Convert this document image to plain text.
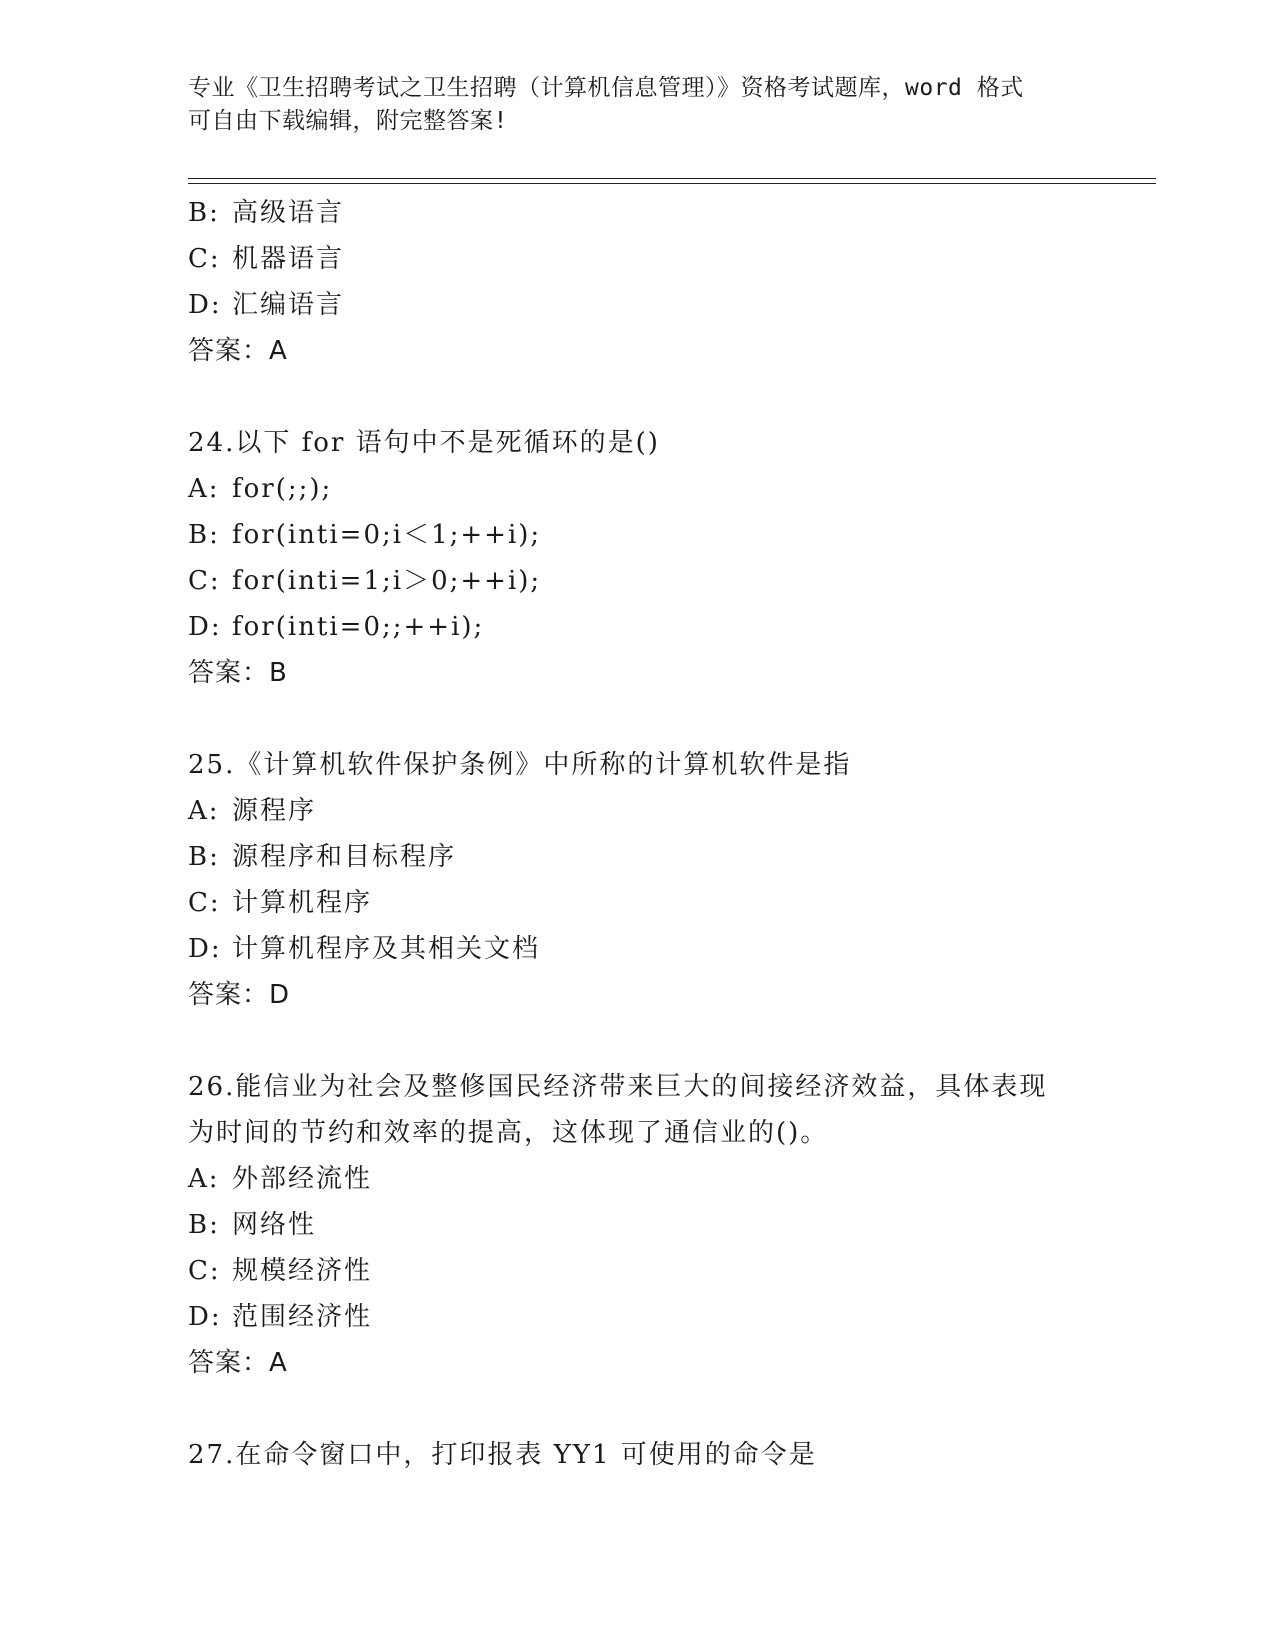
专业《卫生招聘考试之卫生招聘（计算机信息管理）》资格考试题库，word 格式
可自由下载编辑，附完整答案!
B: 高级语言
C: 机器语言
D: 汇编语言
答案：A
24.以下 for 语句中不是死循环的是()
A: for(;;);
B: for(inti=0;i＜1;++i);
C: for(inti=1;i＞0;++i);
D: for(inti=0;;++i);
答案：B
25.《计算机软件保护条例》中所称的计算机软件是指
A: 源程序
B: 源程序和目标程序
C: 计算机程序
D: 计算机程序及其相关文档
答案：D
26.能信业为社会及整修国民经济带来巨大的间接经济效益，具体表现
为时间的节约和效率的提高，这体现了通信业的()。
A: 外部经流性
B: 网络性
C: 规模经济性
D: 范围经济性
答案：A
27.在命令窗口中，打印报表 YY1 可使用的命令是
